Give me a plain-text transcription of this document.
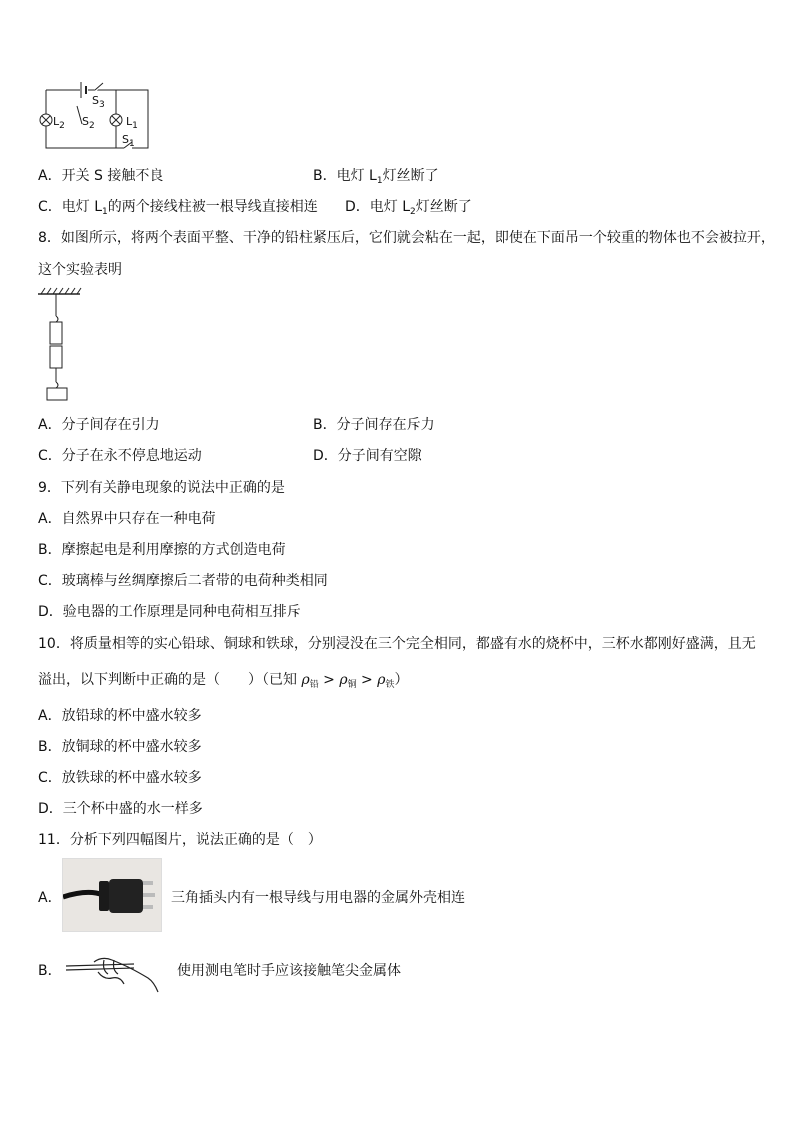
$S_3$
$L_2$ $S_2$	$L_1$
$S_1$
A．开关 S 接触不良	B．电灯 $L_1$灯丝断了
C．电灯 $L_1$的两个接线柱被一根导线直接相连 D．电灯 $L_2$灯丝断了
8．如图所示，将两个表面平整、干净的铅柱紧压后，它们就会粘在一起，即使在下面吊一个较重的物体也不会被拉开，
这个实验表明
A．分子间存在引力	B．分子间存在斥力
C．分子在永不停息地运动	D．分子间有空隙
9．下列有关静电现象的说法中正确的是
A．自然界中只存在一种电荷
B．摩擦起电是利用摩擦的方式创造电荷
C．玻璃棒与丝绸摩擦后二者带的电荷种类相同
D．验电器的工作原理是同种电荷相互排斥
10．将质量相等的实心铅球、铜球和铁球，分别浸没在三个完全相同，都盛有水的烧杯中，三杯水都刚好盛满，且无
溢出，以下判断中正确的是（　　）（已知 $\rho_铅 > \rho_铜 > \rho_铁$）
A．放铅球的杯中盛水较多
B．放铜球的杯中盛水较多
C．放铁球的杯中盛水较多
D．三个杯中盛的水一样多
11．分析下列四幅图片，说法正确的是（　）
A．	三角插头内有一根导线与用电器的金属外壳相连
B．	使用测电笔时手应该接触笔尖金属体
